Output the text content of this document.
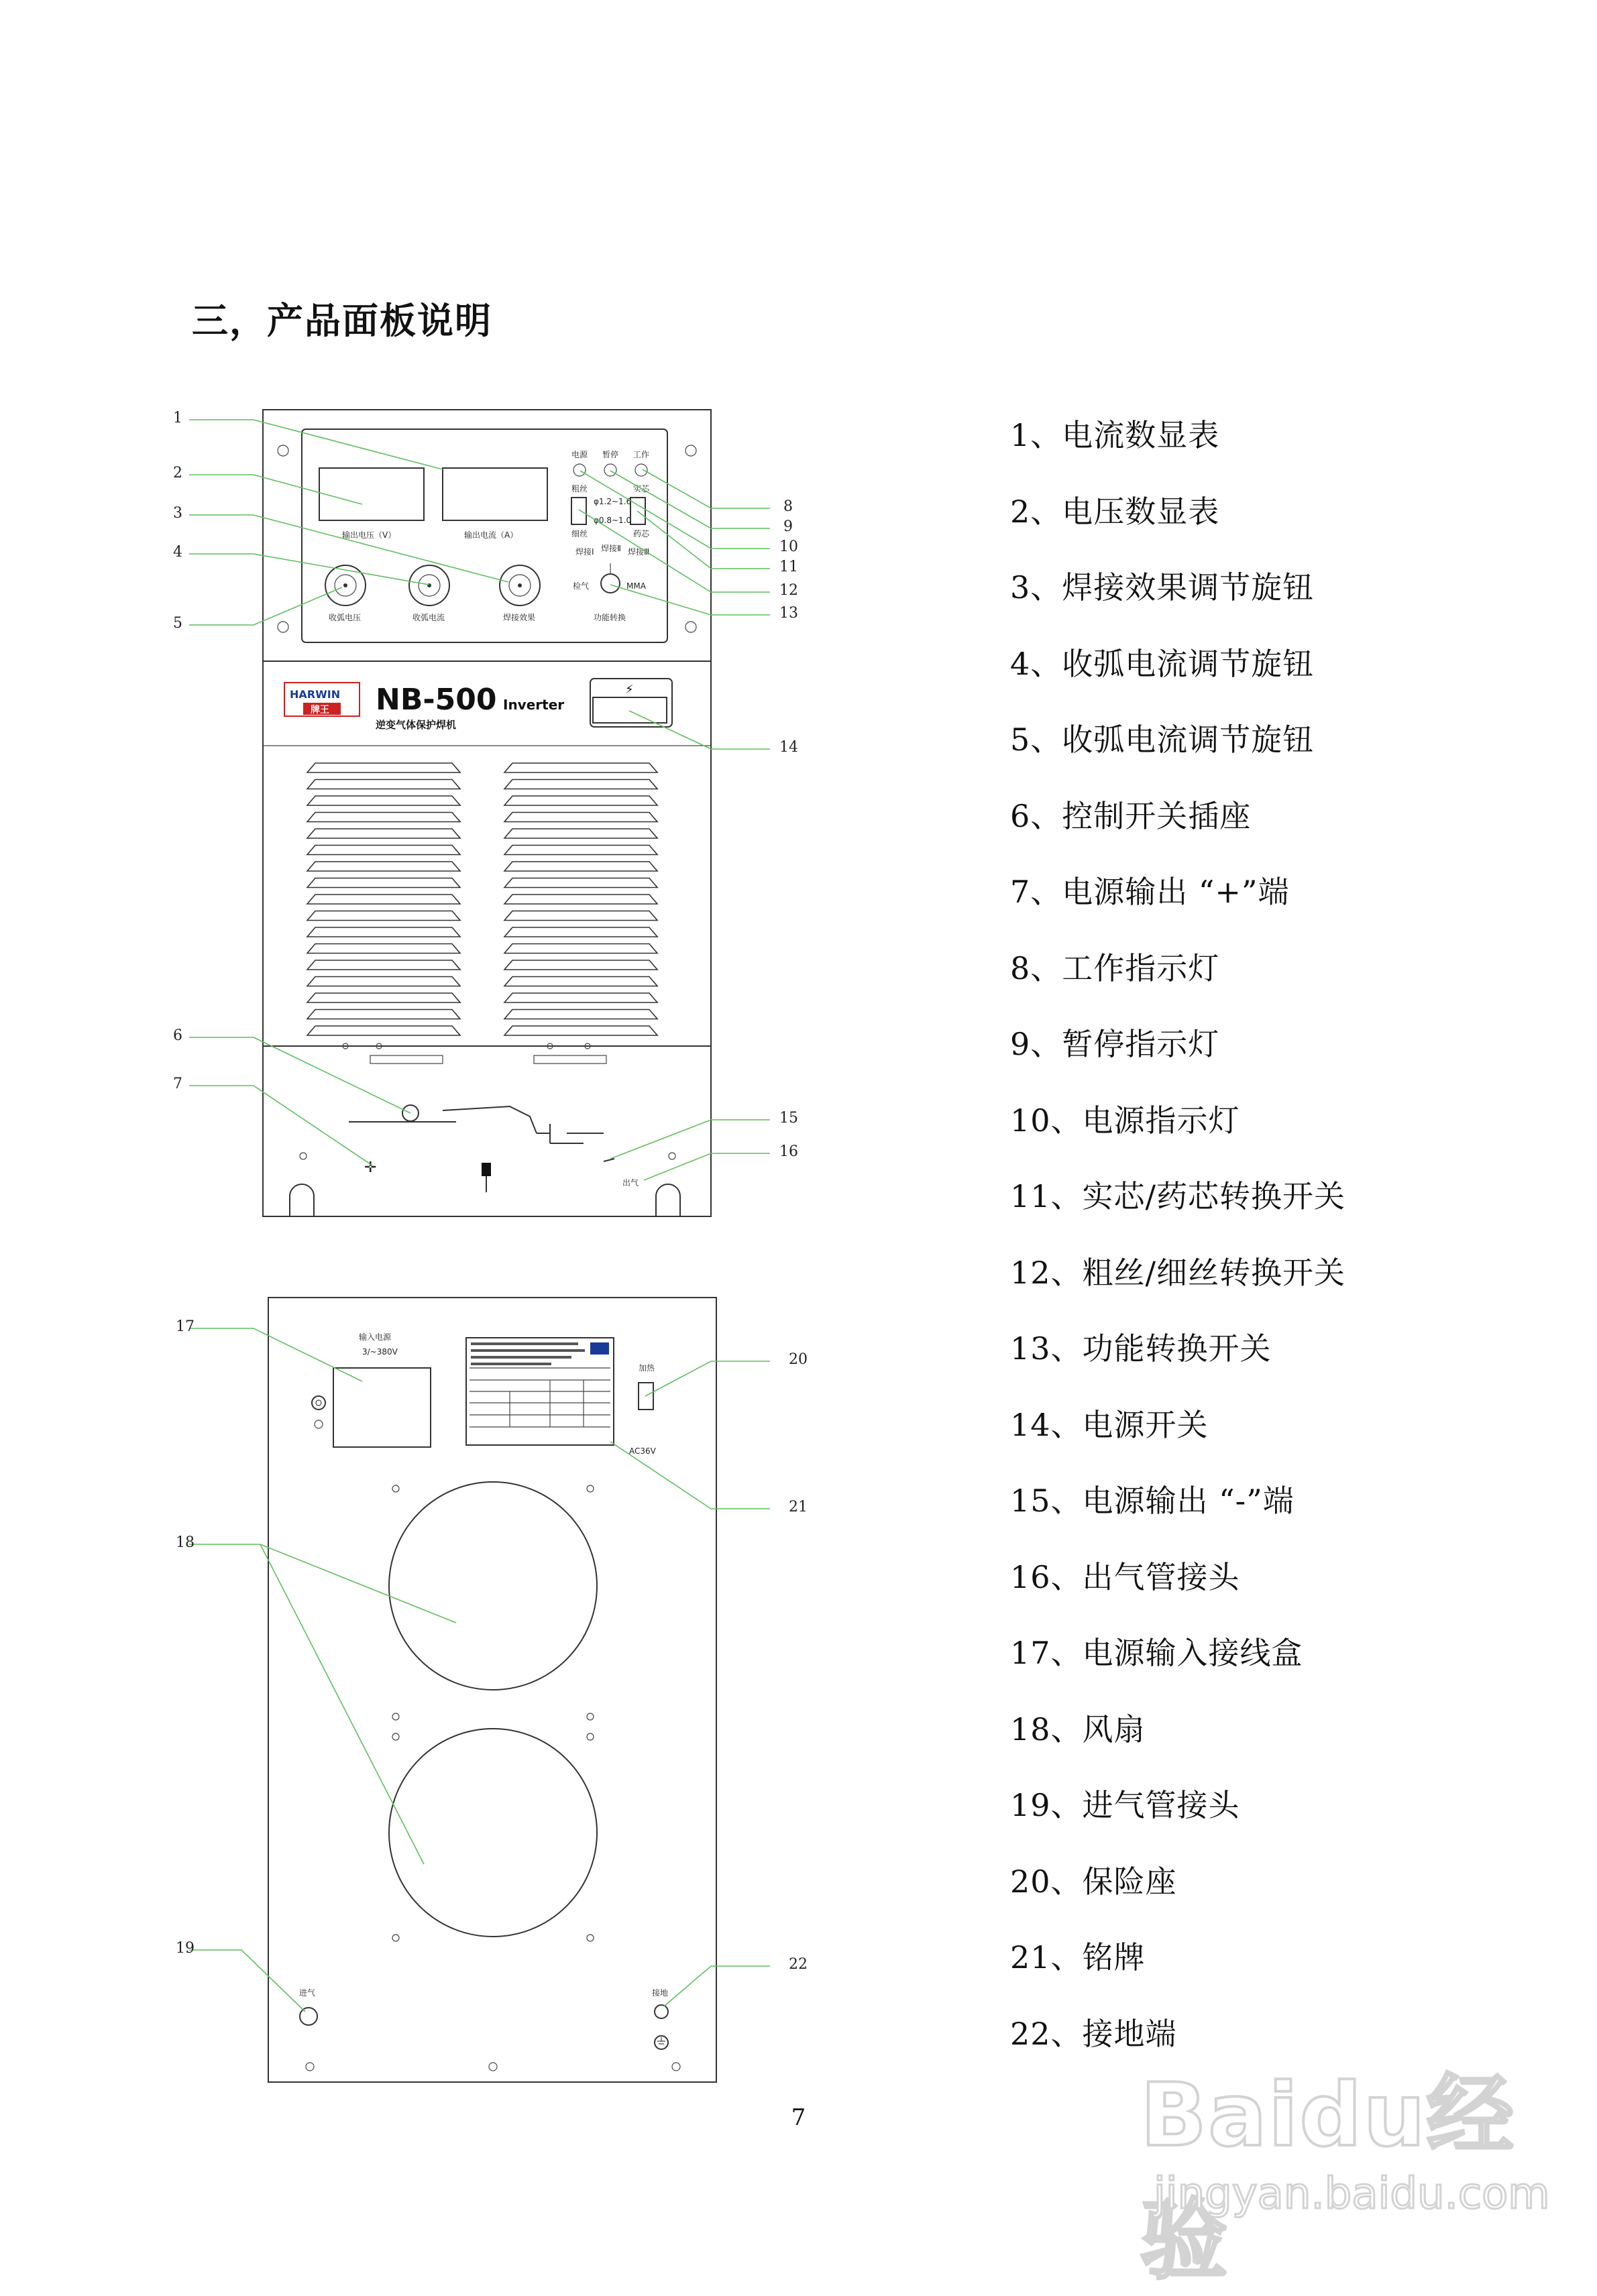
三，产品面板说明
1、电流数显表
2、电压数显表
3、焊接效果调节旋钮
4、收弧电流调节旋钮
5、收弧电流调节旋钮
6、控制开关插座
7、电源输出 “+”端
8、工作指示灯
9、暂停指示灯
10、电源指示灯
11、实芯/药芯转换开关
12、粗丝/细丝转换开关
13、功能转换开关
14、电源开关
15、电源输出 “-”端
16、出气管接头
17、电源输入接线盒
18、风扇
19、进气管接头
20、保险座
21、铭牌
22、接地端
输出电压（V）	输出电流（A）
收弧电压	收弧电流	焊接效果
电源 暂停 工作
粗丝
细丝
φ1.2~1.6
φ0.8~1.0
实芯
药芯
焊接Ⅰ 焊接Ⅱ 焊接Ⅲ
检气	MMA
功能转换
HARWIN
牌王 NB-500 Inverter
逆变气体保护焊机
⚡
✛
出气
1
2
3
4
5
6
7
8
9
10
11
12
13
14
15
16
输入电源
3/~380V
加热
AC36V
进气	接地
17
18
19
20
21
22
7	Baidu经验
jingyan.baidu.com
